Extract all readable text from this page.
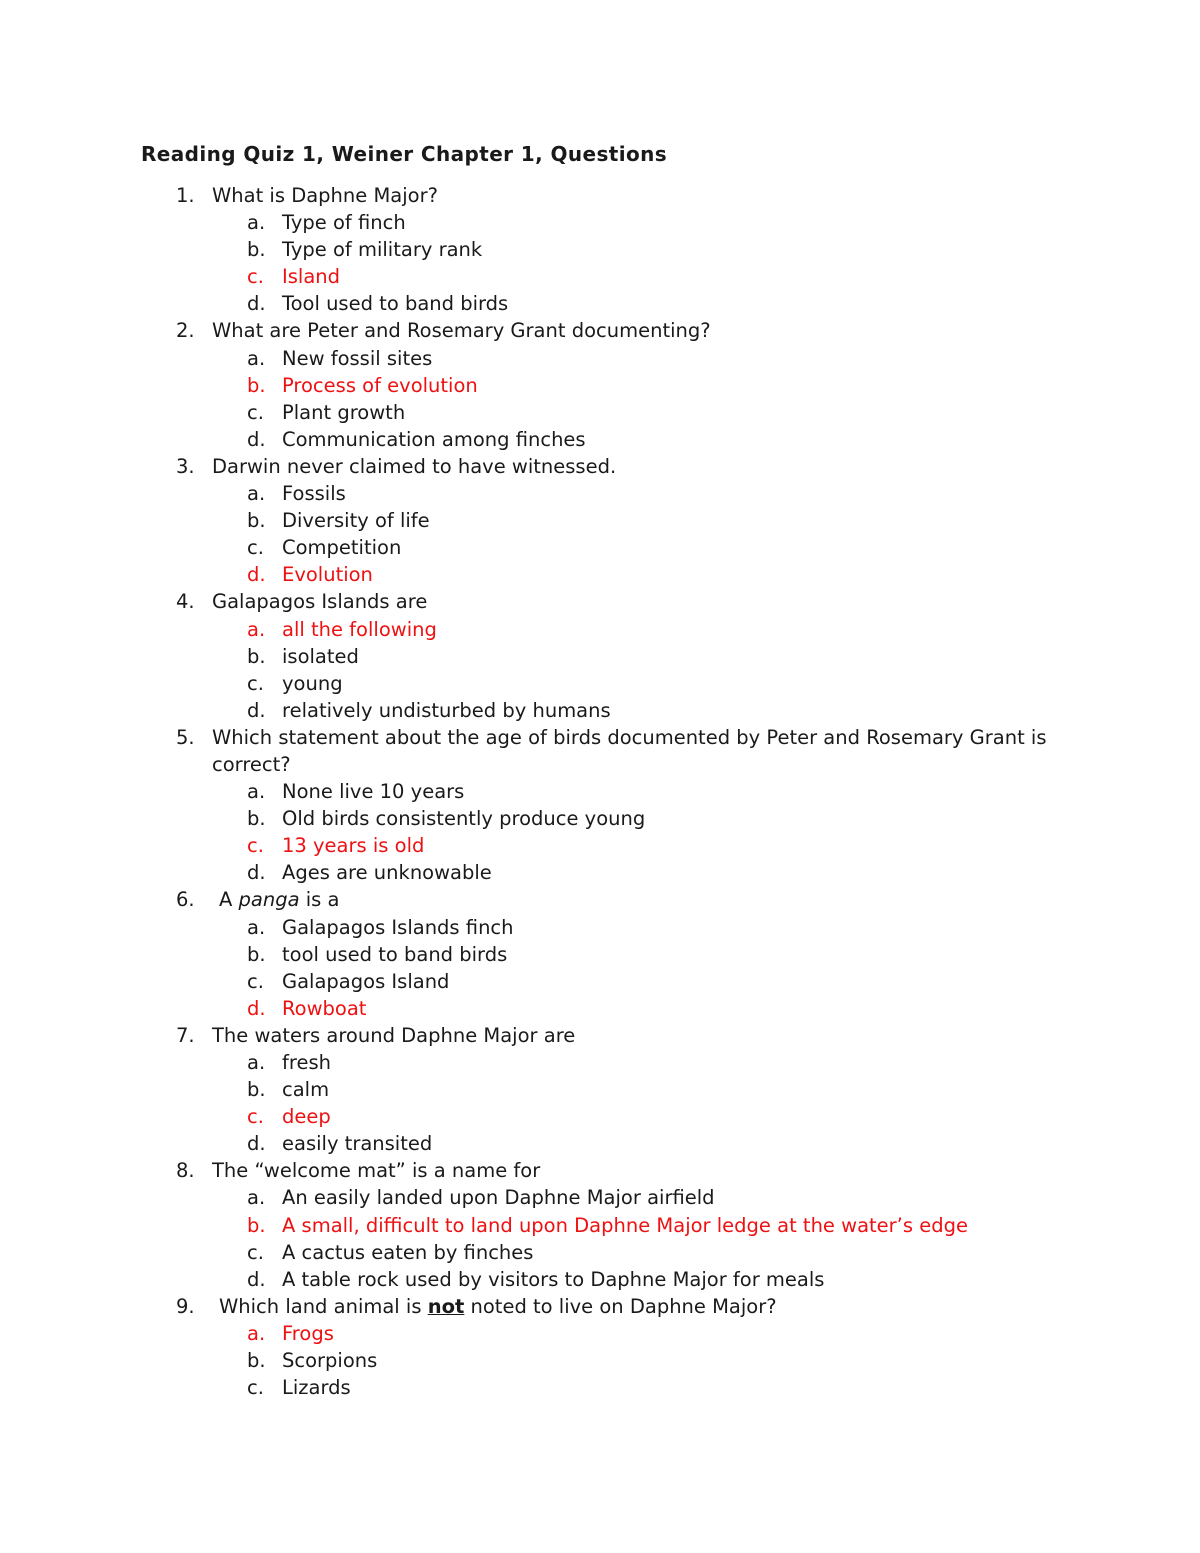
Reading Quiz 1, Weiner Chapter 1, Questions
1. What is Daphne Major?
a. Type of finch
b. Type of military rank
c. Island
d. Tool used to band birds
2. What are Peter and Rosemary Grant documenting?
a. New fossil sites
b. Process of evolution
c. Plant growth
d. Communication among finches
3. Darwin never claimed to have witnessed.
a. Fossils
b. Diversity of life
c. Competition
d. Evolution
4. Galapagos Islands are
a. all the following
b. isolated
c. young
d. relatively undisturbed by humans
5. Which statement about the age of birds documented by Peter and Rosemary Grant is correct?
a. None live 10 years
b. Old birds consistently produce young
c. 13 years is old
d. Ages are unknowable
6.	A panga is a
a. Galapagos Islands finch
b. tool used to band birds
c. Galapagos Island
d. Rowboat
7. The waters around Daphne Major are
a. fresh
b. calm
c. deep
d. easily transited
8. The “welcome mat” is a name for
a. An easily landed upon Daphne Major airfield
b. A small, difficult to land upon Daphne Major ledge at the water’s edge
c. A cactus eaten by finches
d. A table rock used by visitors to Daphne Major for meals
9.	Which land animal is not noted to live on Daphne Major?
a. Frogs
b. Scorpions
c. Lizards
